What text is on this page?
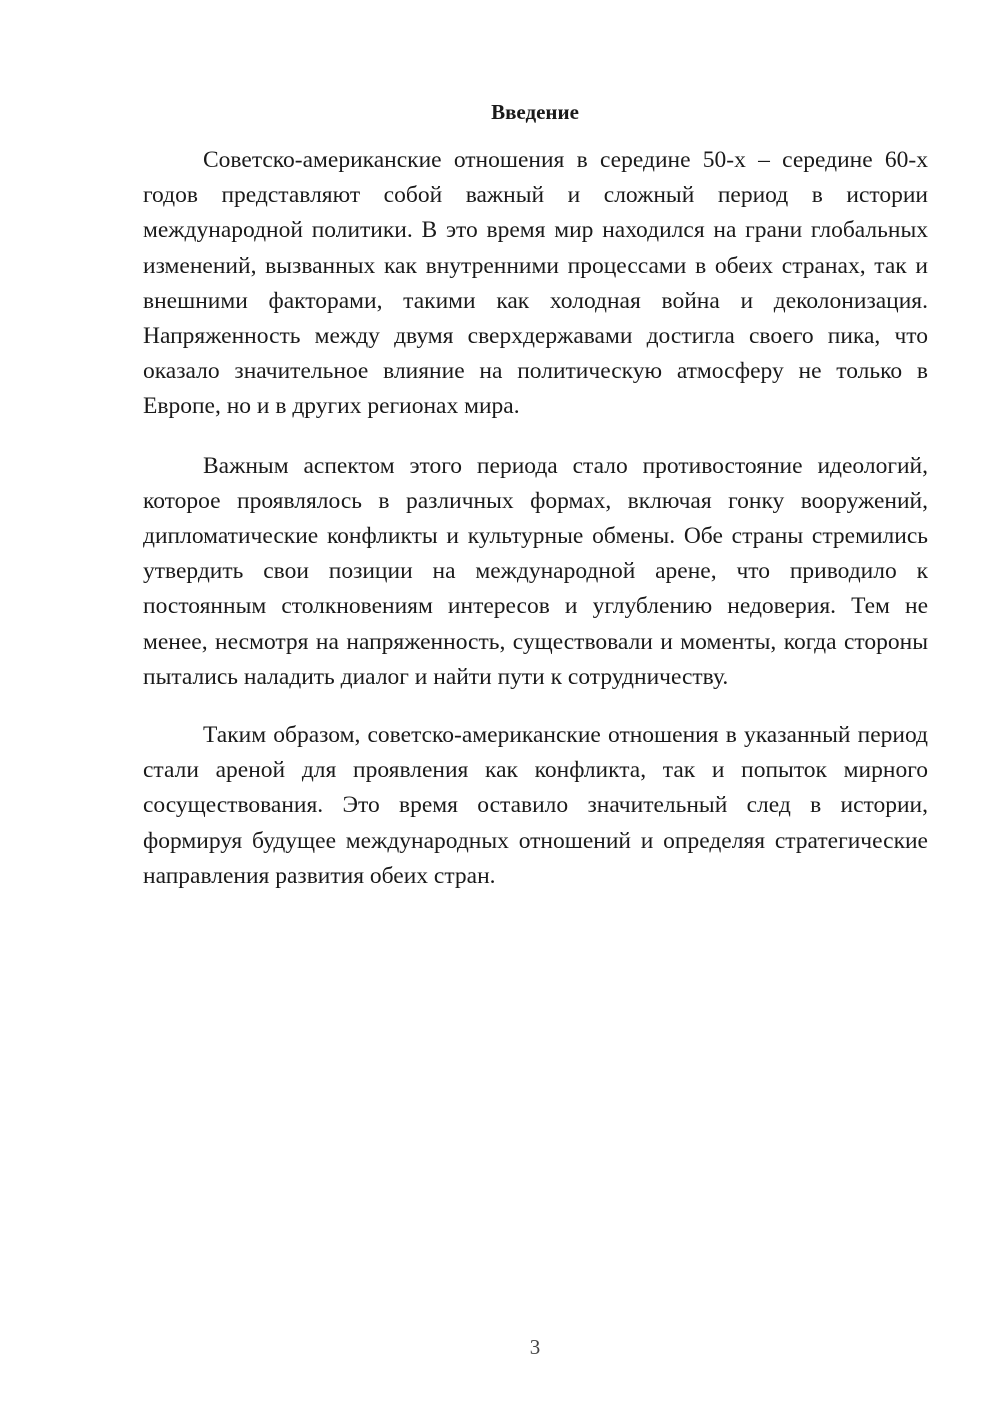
Введение

Советско-американские отношения в середине 50-х – середине 60-х годов представляют собой важный и сложный период в истории международной политики. В это время мир находился на грани глобальных изменений, вызванных как внутренними процессами в обеих странах, так и внешними факторами, такими как холодная война и деколонизация. Напряженность между двумя сверхдержавами достигла своего пика, что оказало значительное влияние на политическую атмосферу не только в Европе, но и в других регионах мира.

Важным аспектом этого периода стало противостояние идеологий, которое проявлялось в различных формах, включая гонку вооружений, дипломатические конфликты и культурные обмены. Обе страны стремились утвердить свои позиции на международной арене, что приводило к постоянным столкновениям интересов и углублению недоверия. Тем не менее, несмотря на напряженность, существовали и моменты, когда стороны пытались наладить диалог и найти пути к сотрудничеству.

Таким образом, советско-американские отношения в указанный период стали ареной для проявления как конфликта, так и попыток мирного сосуществования. Это время оставило значительный след в истории, формируя будущее международных отношений и определяя стратегические направления развития обеих стран.

3
